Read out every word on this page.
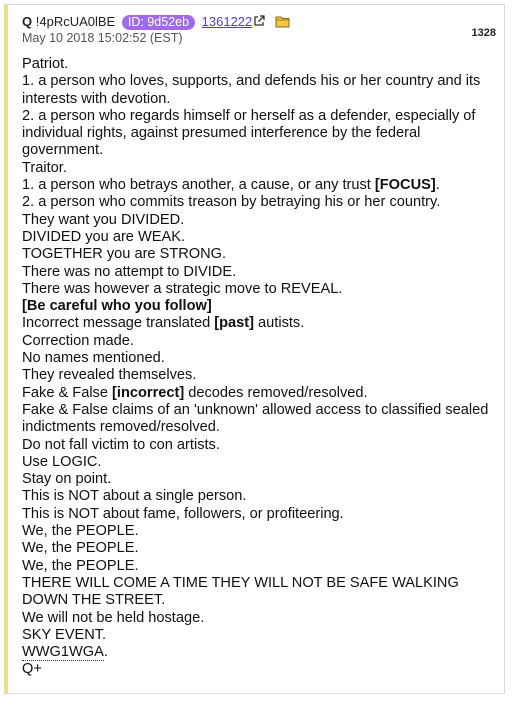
Q !4pRcUA0lBE ID: 9d52eb 1361222
May 10 2018 15:02:52 (EST)	1328
Patriot.
1. a person who loves, supports, and defends his or her country and its interests with devotion.
2. a person who regards himself or herself as a defender, especially of individual rights, against presumed interference by the federal government.
Traitor.
1. a person who betrays another, a cause, or any trust [FOCUS].
2. a person who commits treason by betraying his or her country.
They want you DIVIDED.
DIVIDED you are WEAK.
TOGETHER you are STRONG.
There was no attempt to DIVIDE.
There was however a strategic move to REVEAL.
[Be careful who you follow]
Incorrect message translated [past] autists.
Correction made.
No names mentioned.
They revealed themselves.
Fake & False [incorrect] decodes removed/resolved.
Fake & False claims of an 'unknown' allowed access to classified sealed indictments removed/resolved.
Do not fall victim to con artists.
Use LOGIC.
Stay on point.
This is NOT about a single person.
This is NOT about fame, followers, or profiteering.
We, the PEOPLE.
We, the PEOPLE.
We, the PEOPLE.
THERE WILL COME A TIME THEY WILL NOT BE SAFE WALKING DOWN THE STREET.
We will not be held hostage.
SKY EVENT.
WWG1WGA.
Q+
